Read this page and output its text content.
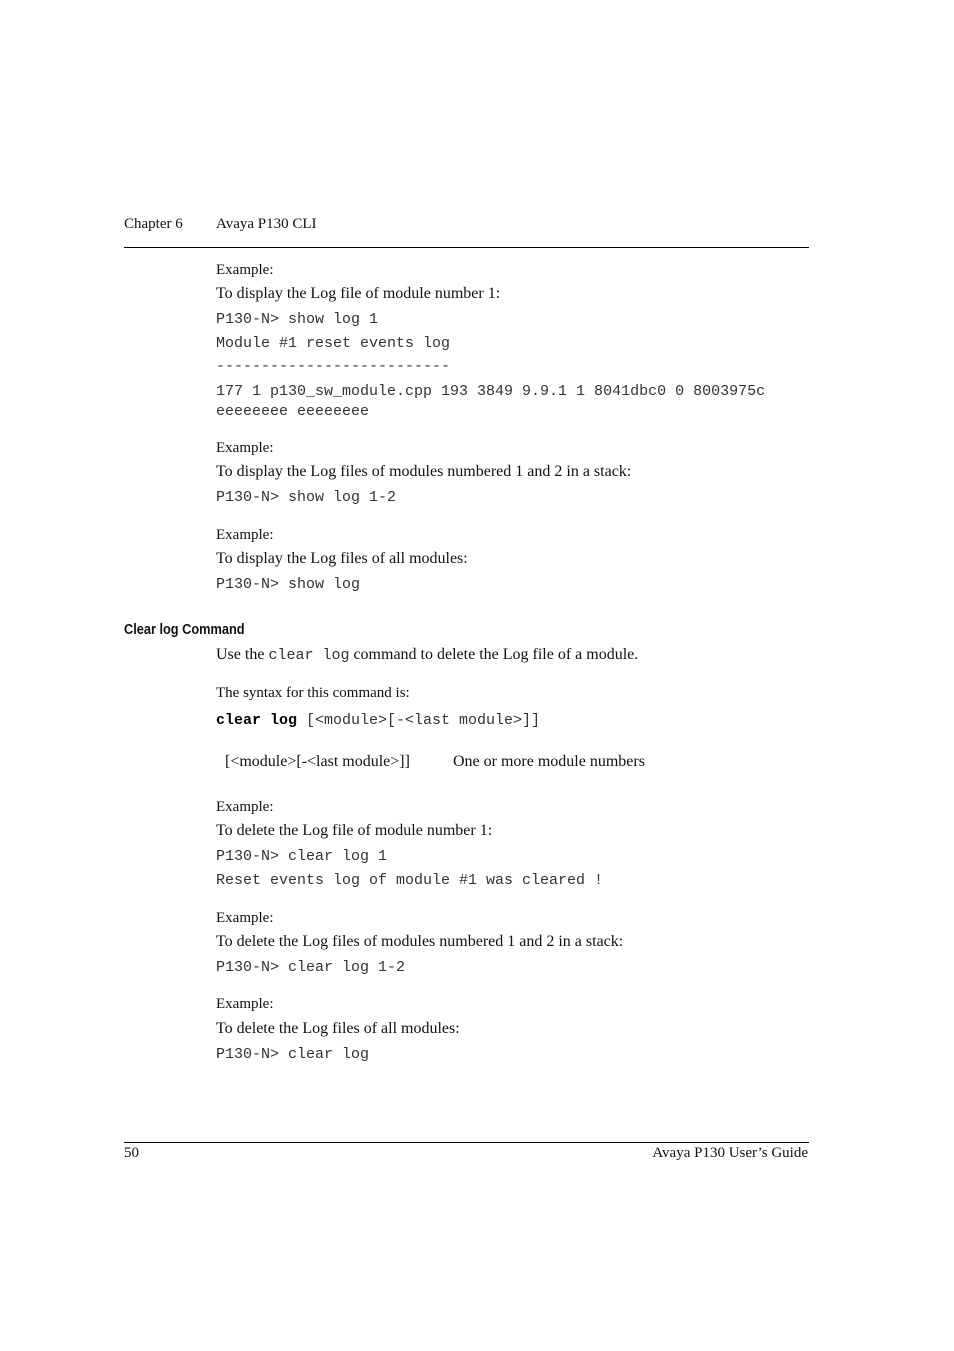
Chapter 6 Avaya P130 CLI
Example:
To display the Log file of module number 1:
P130-N> show log 1
Module #1 reset events log
--------------------------
177 1 p130_sw_module.cpp 193 3849 9.9.1 1 8041dbc0 0 8003975c
eeeeeeee eeeeeeee
Example:
To display the Log files of modules numbered 1 and 2 in a stack:
P130-N> show log 1-2
Example:
To display the Log files of all modules:
P130-N> show log
Clear log Command
Use the clear log command to delete the Log file of a module.
The syntax for this command is:
clear log [<module>[-<last module>]]
[<module>[-<last module>]]	One or more module numbers
Example:
To delete the Log file of module number 1:
P130-N> clear log 1
Reset events log of module #1 was cleared !
Example:
To delete the Log files of modules numbered 1 and 2 in a stack:
P130-N> clear log 1-2
Example:
To delete the Log files of all modules:
P130-N> clear log
50	Avaya P130 User’s Guide
